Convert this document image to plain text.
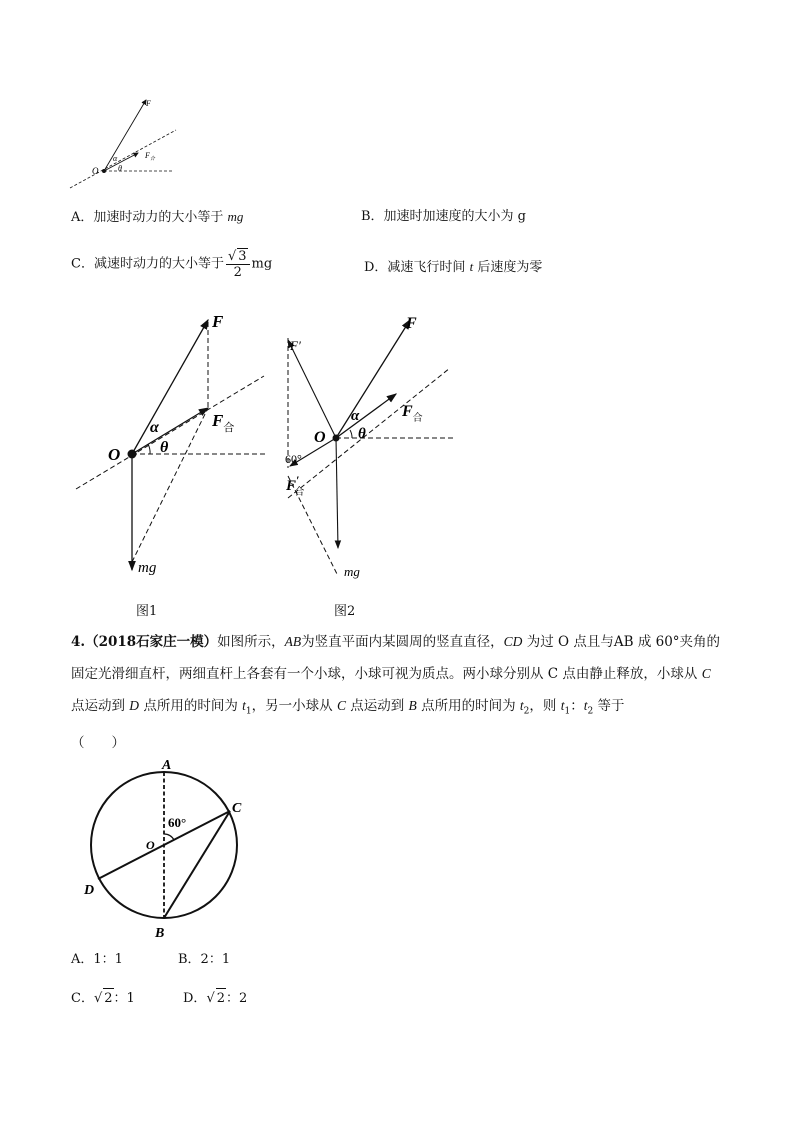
F
O
α
θ
$F_合$
A．加速时动力的大小等于 mg	B．加速时加速度的大小为 g
C．减速时动力的大小等于 $\frac{√ 3}{2}$ mg	D．减速飞行时间 t 后速度为零
F
O
α
θ
$F_合$
mg
图1
F′
F
O
α
θ
$F_合$
60°
F′合
mg
图2
4.（2018石家庄一模）如图所示，AB为竖直平面内某圆周的竖直直径，CD 为过 O 点且与AB 成 60°夹角的固定光滑细直杆，两细直杆上各套有一个小球，小球可视为质点。两小球分别从 C 点由静止释放，小球从 C 点运动到 D 点所用的时间为 $t_1$，另一小球从 C 点运动到 B 点所用的时间为 $t_2$，则 $t_1$：$t_2$ 等于
（　　）
A
B
C
D
O
60°
A．1：1	B．2：1
C．√ 2：1	D．√ 2：2
